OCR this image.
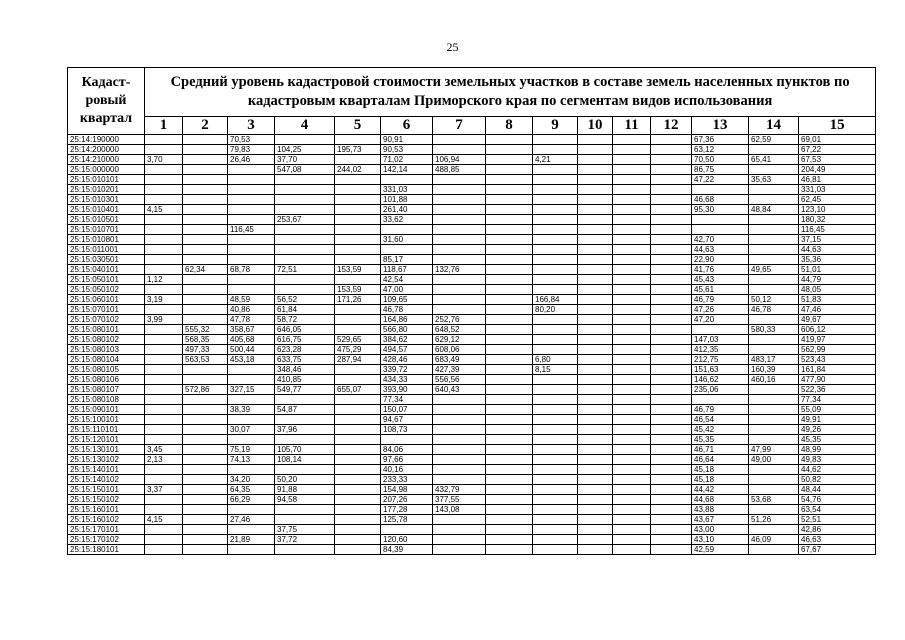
25
Кадаст-ровый квартал	Средний уровень кадастровой стоимости земельных участков в составе земель населенных пунктов по кадастровым кварталам Приморского края по сегментам видов использования														
	1	2	3	4	5	6	7	8	9	10	11	12	13	14	15
25:14:190000			70,53			90,91							67,36	62,59	69,01
25:14:200000			79,83	104,25	195,73	90,53							63,12		67,22
25:14:210000	3,70		26,46	37,70		71,02	106,94		4,21				70,50	65,41	67,53
25:15:000000				547,08	244,02	142,14	488,85						86,75		204,49
25:15:010101													47,22	35,63	46,81
25:15:010201						331,03									331,03
25:15:010301						101,88							46,68		62,45
25:15:010401	4,15					261,40							95,30	48,84	123,10
25:15:010501				253,67		33,62									180,32
25:15:010701			116,45												116,45
25:15:010801						31,60							42,70		37,15
25:15:011001													44,63		44,63
25:15:030501						85,17							22,90		35,36
25:15:040101		62,34	68,78	72,51	153,59	118,67	132,76						41,76	49,65	51,01
25:15:050101	1,12					42,54							45,43		44,79
25:15:050102					153,59	47,00							45,61		48,05
25:15:060101	3,19		48,59	56,52	171,26	109,65			166,84				46,79	50,12	51,83
25:15:070101			40,86	61,84		46,78			80,20				47,26	46,78	47,46
25:15:070102	3,99		47,78	58,72		164,86	252,76						47,20		49,67
25:15:080101		555,32	358,67	646,05		566,80	648,52							580,33	606,12
25:15:080102		568,35	405,68	616,75	529,65	384,62	629,12						147,03		419,97
25:15:080103		497,33	500,44	623,28	475,29	494,57	608,06						412,35		562,99
25:15:080104		563,53	453,18	633,75	287,94	428,46	683,49		6,80				212,75	483,17	523,43
25:15:080105				348,46		339,72	427,39		8,15				151,63	160,39	161,84
25:15:080106				410,85		434,33	556,56						146,62	460,16	477,90
25:15:080107		572,86	327,15	549,77	655,07	393,90	640,43						235,06		522,36
25:15:080108						77,34									77,34
25:15:090101			38,39	54,87		150,07							46,79		55,09
25:15:100101						94,67							46,54		49,91
25:15:110101			30,07	37,96		108,73							45,42		49,26
25:15:120101													45,35		45,35
25:15:130101	3,45		75,19	105,70		84,06							46,71	47,99	48,99
25:15:130102	2,13		74,13	108,14		97,66							46,64	49,00	49,83
25:15:140101						40,16							45,18		44,62
25:15:140102			34,20	50,20		233,33							45,18		50,82
25:15:150101	3,37		64,35	91,88		154,98	432,79						44,42		48,44
25:15:150102			66,29	94,58		207,26	377,55						44,68	53,68	54,76
25:15:160101						177,28	143,08						43,88		63,54
25:15:160102	4,15		27,46			125,78							43,67	51,26	52,51
25:15:170101				37,75									43,00		42,86
25:15:170102			21,89	37,72		120,60							43,10	46,09	46,63
25:15:180101						84,39							42,59		67,67
